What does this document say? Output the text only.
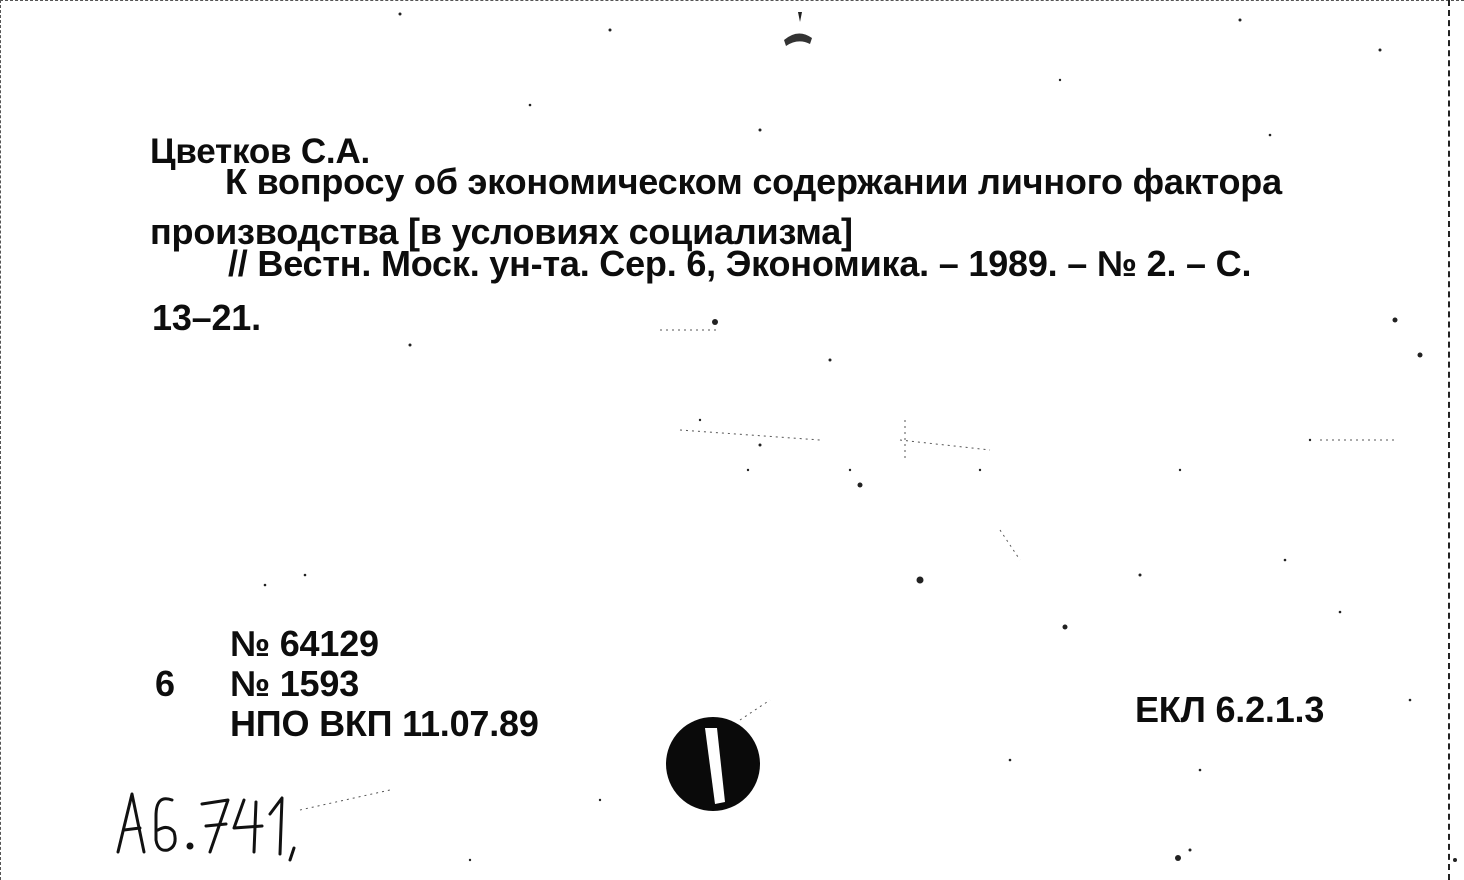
Цветков С.А.
К вопросу об экономическом содержании личного фактора
производства [в условиях социализма]
// Вестн. Моск. ун-та. Сер. 6, Экономика. – 1989. – № 2. – С.
13–21.
№ 64129
6 № 1593
НПО ВКП 11.07.89	ЕКЛ 6.2.1.3
